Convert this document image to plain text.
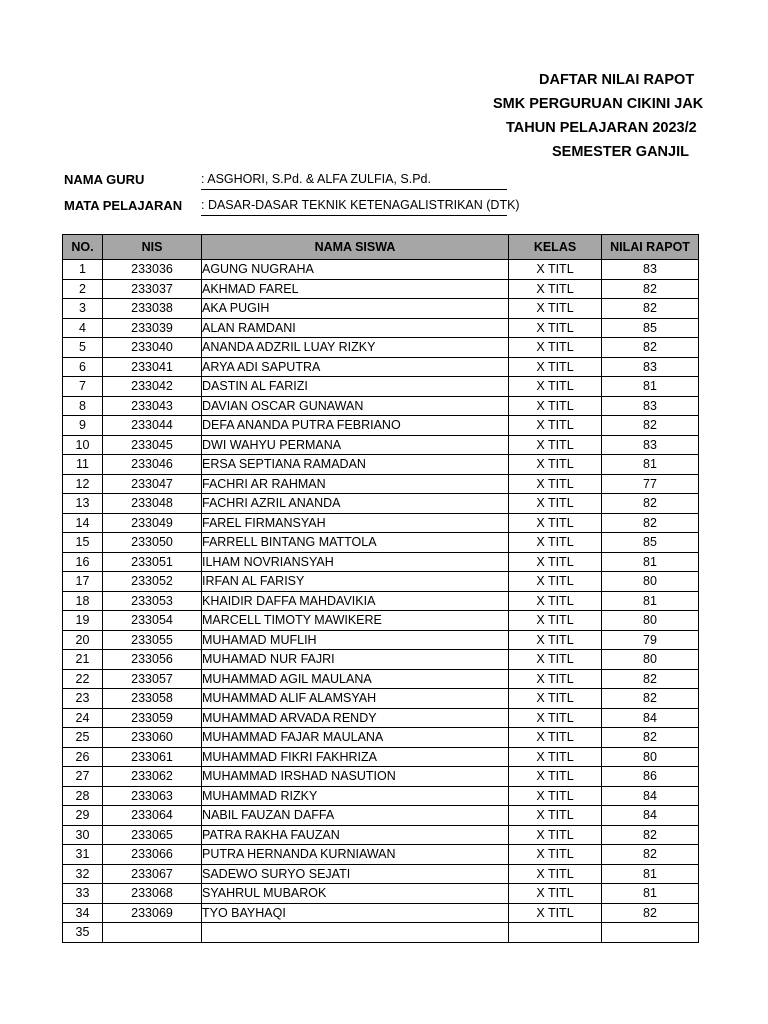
DAFTAR NILAI RAPOT
SMK PERGURUAN CIKINI JAK
TAHUN PELAJARAN 2023/2
SEMESTER GANJIL
NAMA GURU	: ASGHORI, S.Pd. & ALFA ZULFIA, S.Pd.
MATA PELAJARAN : DASAR-DASAR TEKNIK KETENAGALISTRIKAN (DTK)
NO.	NIS	NAMA SISWA	KELAS	NILAI RAPOT
1	233036	AGUNG NUGRAHA	X TITL	83
2	233037	AKHMAD FAREL	X TITL	82
3	233038	AKA PUGIH	X TITL	82
4	233039	ALAN RAMDANI	X TITL	85
5	233040	ANANDA ADZRIL LUAY RIZKY	X TITL	82
6	233041	ARYA ADI SAPUTRA	X TITL	83
7	233042	DASTIN AL FARIZI	X TITL	81
8	233043	DAVIAN OSCAR GUNAWAN	X TITL	83
9	233044	DEFA ANANDA PUTRA FEBRIANO	X TITL	82
10	233045	DWI WAHYU PERMANA	X TITL	83
11	233046	ERSA SEPTIANA RAMADAN	X TITL	81
12	233047	FACHRI AR RAHMAN	X TITL	77
13	233048	FACHRI AZRIL ANANDA	X TITL	82
14	233049	FAREL FIRMANSYAH	X TITL	82
15	233050	FARRELL BINTANG MATTOLA	X TITL	85
16	233051	ILHAM NOVRIANSYAH	X TITL	81
17	233052	IRFAN AL FARISY	X TITL	80
18	233053	KHAIDIR DAFFA MAHDAVIKIA	X TITL	81
19	233054	MARCELL TIMOTY MAWIKERE	X TITL	80
20	233055	MUHAMAD MUFLIH	X TITL	79
21	233056	MUHAMAD NUR FAJRI	X TITL	80
22	233057	MUHAMMAD AGIL MAULANA	X TITL	82
23	233058	MUHAMMAD ALIF ALAMSYAH	X TITL	82
24	233059	MUHAMMAD ARVADA RENDY	X TITL	84
25	233060	MUHAMMAD FAJAR MAULANA	X TITL	82
26	233061	MUHAMMAD FIKRI FAKHRIZA	X TITL	80
27	233062	MUHAMMAD IRSHAD NASUTION	X TITL	86
28	233063	MUHAMMAD RIZKY	X TITL	84
29	233064	NABIL FAUZAN DAFFA	X TITL	84
30	233065	PATRA RAKHA FAUZAN	X TITL	82
31	233066	PUTRA HERNANDA KURNIAWAN	X TITL	82
32	233067	SADEWO SURYO SEJATI	X TITL	81
33	233068	SYAHRUL MUBAROK	X TITL	81
34	233069	TYO BAYHAQI	X TITL	82
35				
